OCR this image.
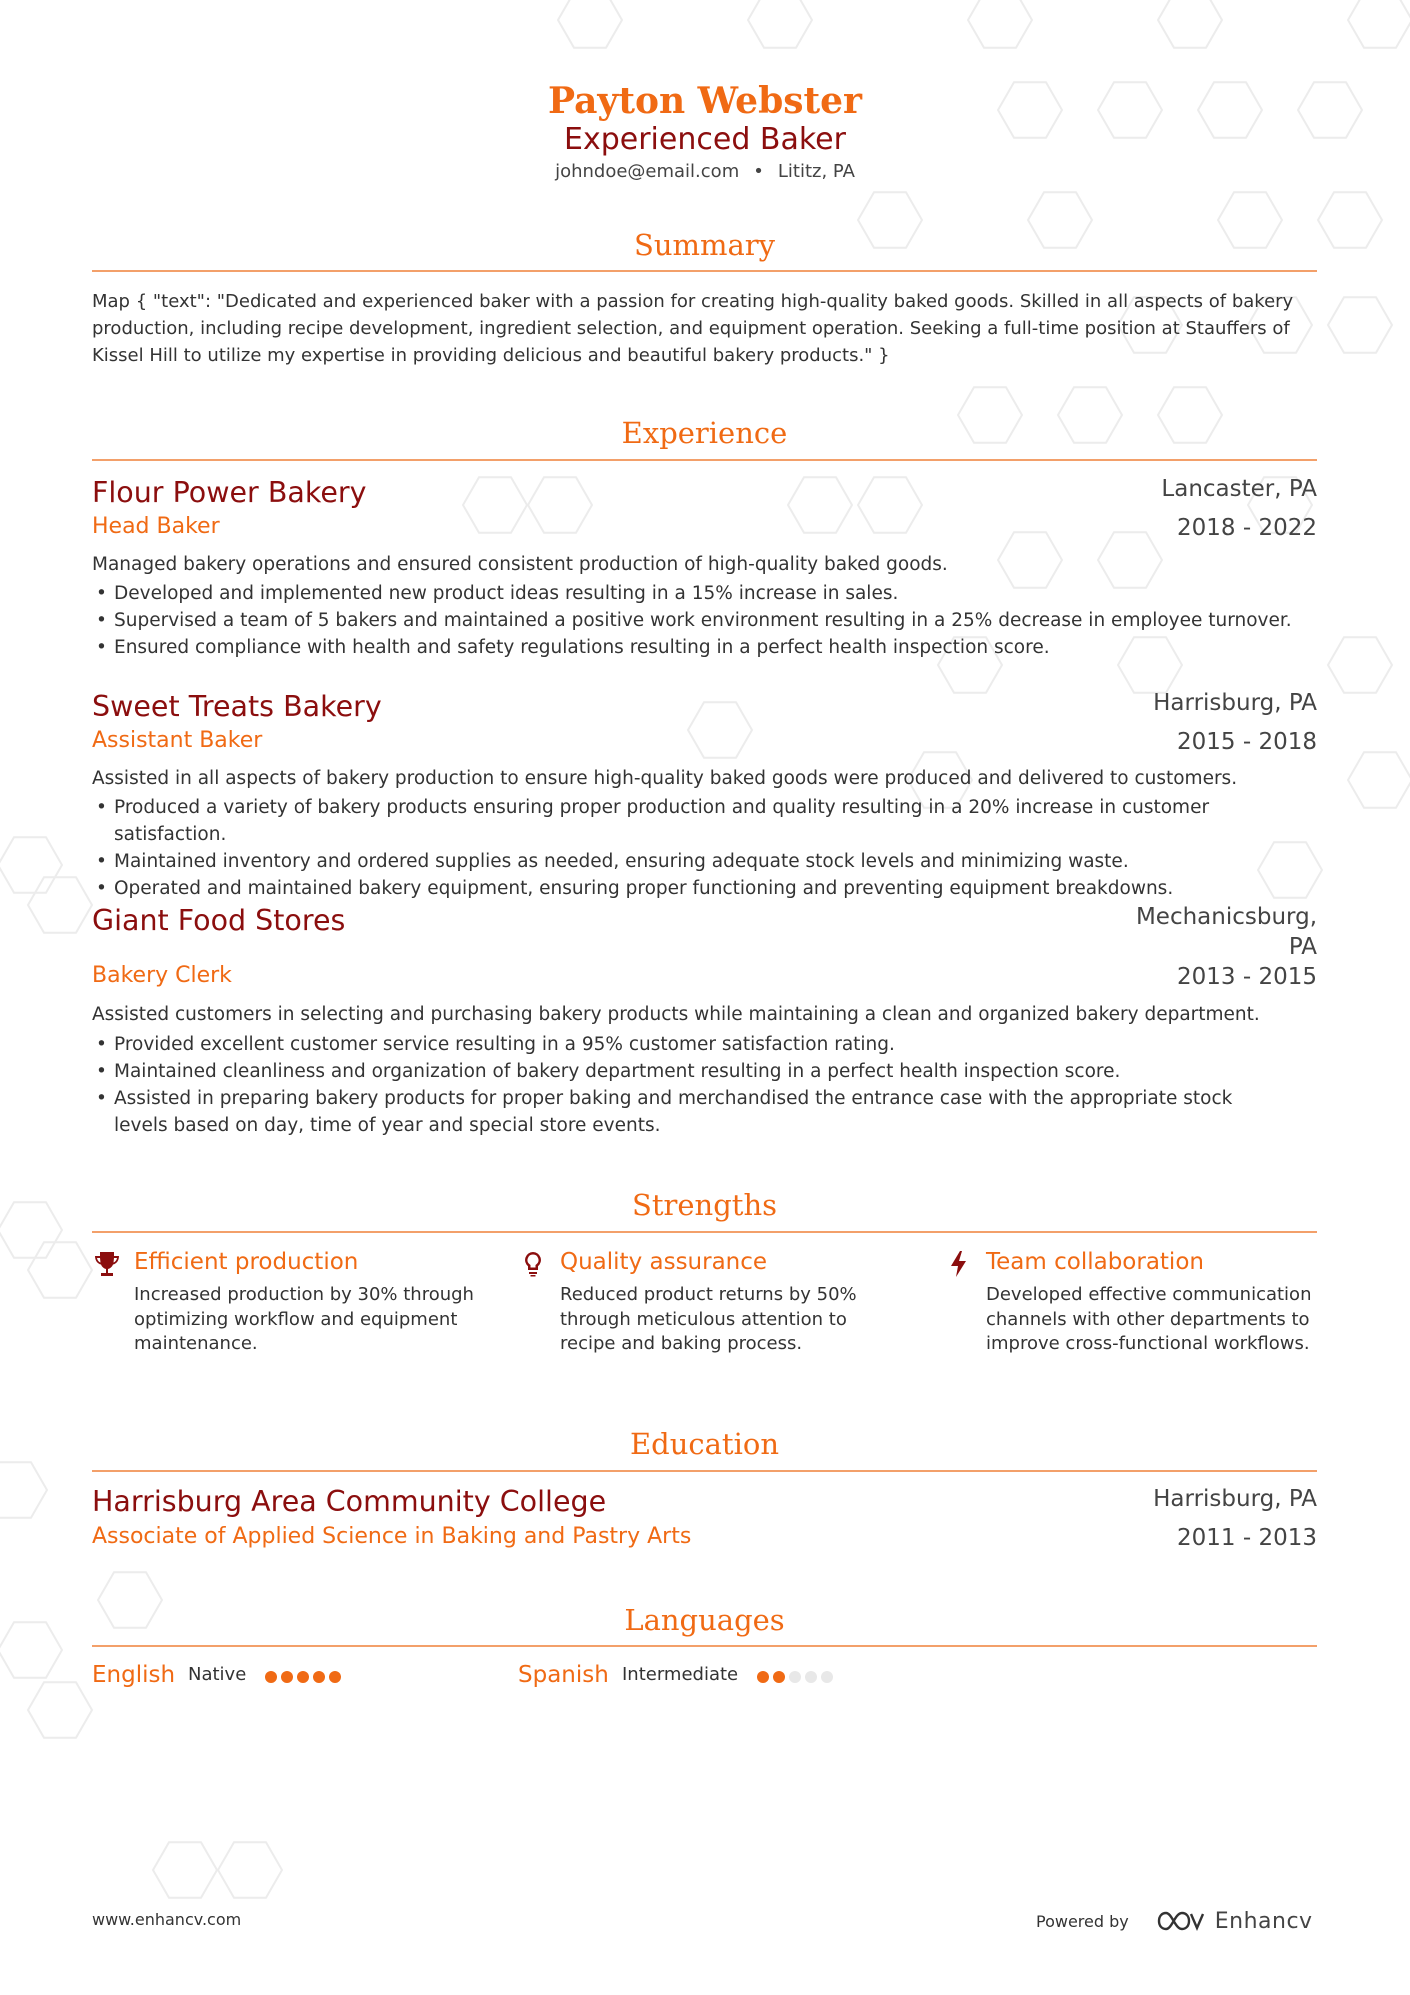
Payton Webster
Experienced Baker
johndoe@email.com • Lititz, PA
Summary
Map { "text": "Dedicated and experienced baker with a passion for creating high-quality baked goods. Skilled in all aspects of bakery production, including recipe development, ingredient selection, and equipment operation. Seeking a full-time position at Stauffers of Kissel Hill to utilize my expertise in providing delicious and beautiful bakery products." }
Experience
Flour Power Bakery	Lancaster, PA
Head Baker	2018 - 2022
Managed bakery operations and ensured consistent production of high-quality baked goods.
• Developed and implemented new product ideas resulting in a 15% increase in sales.
• Supervised a team of 5 bakers and maintained a positive work environment resulting in a 25% decrease in employee turnover.
• Ensured compliance with health and safety regulations resulting in a perfect health inspection score.
Sweet Treats Bakery	Harrisburg, PA
Assistant Baker	2015 - 2018
Assisted in all aspects of bakery production to ensure high-quality baked goods were produced and delivered to customers.
• Produced a variety of bakery products ensuring proper production and quality resulting in a 20% increase in customer satisfaction.
• Maintained inventory and ordered supplies as needed, ensuring adequate stock levels and minimizing waste.
• Operated and maintained bakery equipment, ensuring proper functioning and preventing equipment breakdowns.
Giant Food Stores	Mechanicsburg, PA
Bakery Clerk	2013 - 2015
Assisted customers in selecting and purchasing bakery products while maintaining a clean and organized bakery department.
• Provided excellent customer service resulting in a 95% customer satisfaction rating.
• Maintained cleanliness and organization of bakery department resulting in a perfect health inspection score.
• Assisted in preparing bakery products for proper baking and merchandised the entrance case with the appropriate stock levels based on day, time of year and special store events.
Strengths
Efficient production
Increased production by 30% through optimizing workflow and equipment maintenance.
Quality assurance
Reduced product returns by 50% through meticulous attention to recipe and baking process.
Team collaboration
Developed effective communication channels with other departments to improve cross-functional workflows.
Education
Harrisburg Area Community College	Harrisburg, PA
Associate of Applied Science in Baking and Pastry Arts	2011 - 2013
Languages
English Native	Spanish Intermediate
www.enhancv.com	Powered by	Enhancv
